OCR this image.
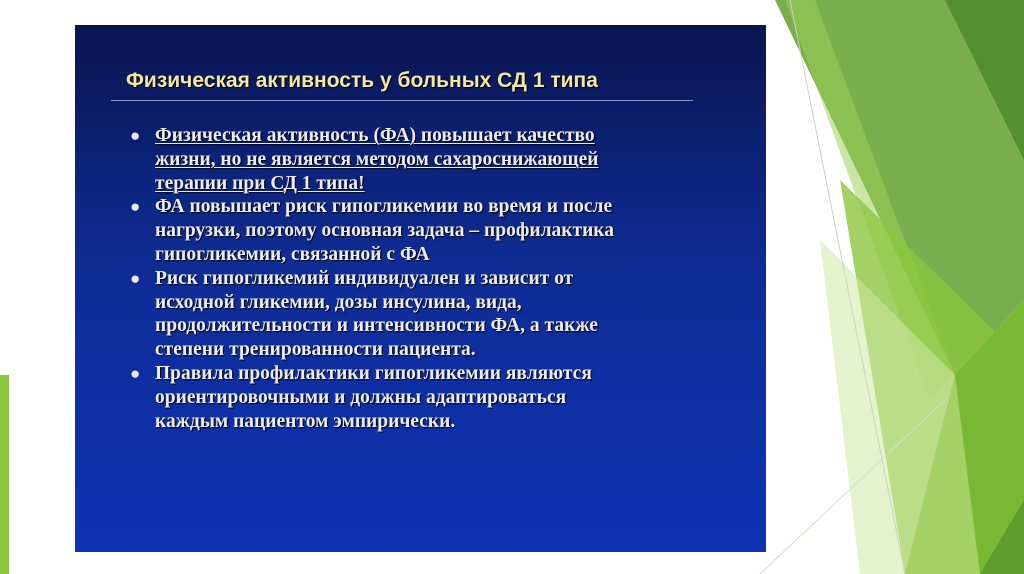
Физическая активность у больных СД 1 типа
● Физическая активность (ФА) повышает качество
жизни, но не является методом сахароснижающей
терапии при СД 1 типа!
● ФА повышает риск гипогликемии во время и после
нагрузки, поэтому основная задача – профилактика
гипогликемии, связанной с ФА
● Риск гипогликемий индивидуален и зависит от
исходной гликемии, дозы инсулина, вида,
продолжительности и интенсивности ФА, а также
степени тренированности пациента.
● Правила профилактики гипогликемии являются
ориентировочными и должны адаптироваться
каждым пациентом эмпирически.
